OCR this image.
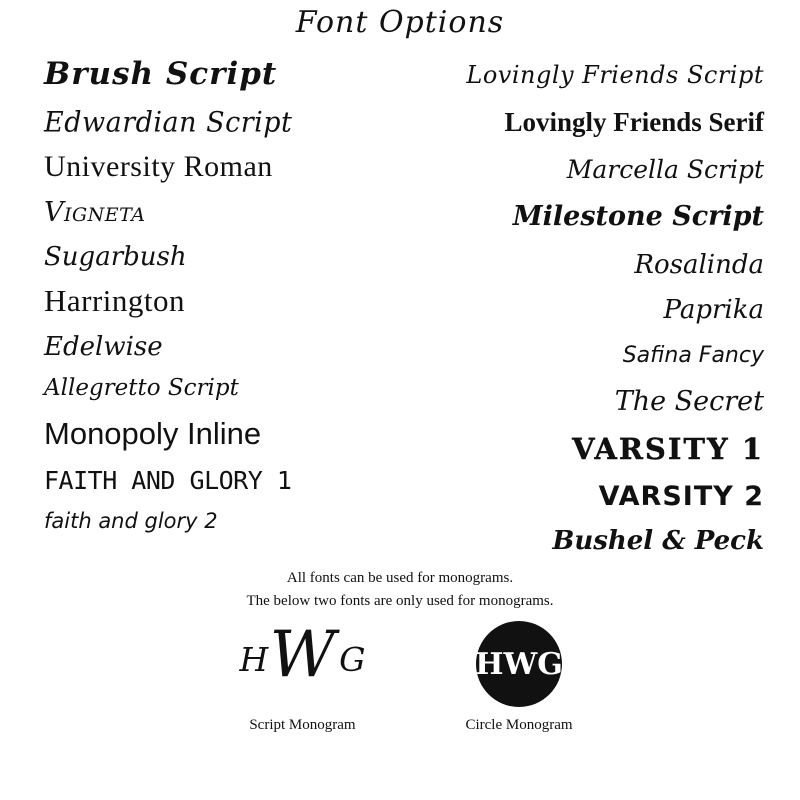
Font Options
Brush Script
Edwardian Script
University Roman
Vigneta
Sugarbush
Harrington
Edelwise
Allegretto Script
Monopoly Inline
FAITH AND GLORY 1
faith and glory 2
Lovingly Friends Script
Lovingly Friends Serif
Marcella Script
Milestone Script
Rosalinda
Paprika
Safina Fancy
The Secret
VARSITY 1
VARSITY 2
Bushel & Peck
All fonts can be used for monograms.
The below two fonts are only used for monograms.
H W G
Script Monogram
HWG
Circle Monogram
